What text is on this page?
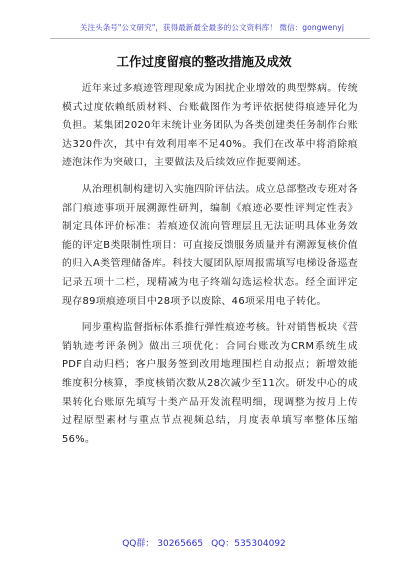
关注头条号"公文研究"，获得最新最全最多的公文资料库！ 微信：gongwenyj
工作过度留痕的整改措施及成效

近年来过多痕迹管理现象成为困扰企业增效的典型弊病。传统模式过度依赖纸质材料、台账截图作为考评依据使得痕迹异化为负担。某集团2020年末统计业务团队为各类创建类任务制作台账达320件次，其中有效利用率不足40%。我们在改革中将消除痕迹泡沫作为突破口，主要做法及后续效应作扼要阐述。

从治理机制构建切入实施四阶评估法。成立总部整改专班对各部门痕迹事项开展溯源性研判，编制《痕迹必要性评判定性表》制定具体评价标准：若痕迹仅流向管理层且无法证明具体业务效能的评定B类限制性项目：可直接反馈服务质量并有溯源复核价值的归入A类管理储备库。科技大厦团队原周报需填写电梯设备巡查记录五项十二栏，现精减为电子终端勾选运检状态。经全面评定现存89项痕迹项目中28项予以废除、46项采用电子转化。

同步重构监督指标体系推行弹性痕迹考核。针对销售板块《营销轨迹考评条例》做出三项优化：合同台账改为CRM系统生成PDF自动归档；客户服务签到改用地理围栏自动报点；新增效能维度积分核算，季度核销次数从28次减少至11次。研发中心的成果转化台账原先填写十类产品开发流程明细，现调整为按月上传过程原型素材与重点节点视频总结，月度表单填写率整体压缩56%。

QQ群： 30265665 QQ：535304092
